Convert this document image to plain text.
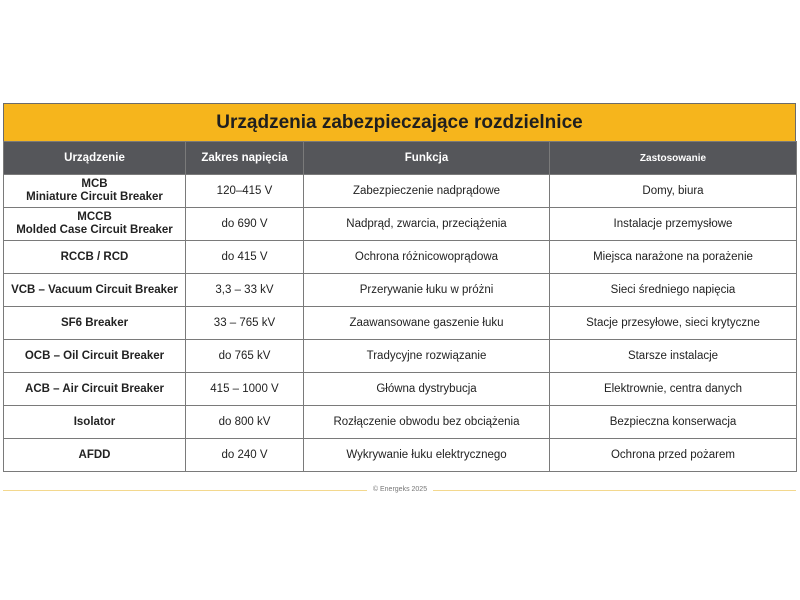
Urządzenia zabezpieczające rozdzielnice
Urządzenie	Zakres napięcia	Funkcja	Zastosowanie

MCB
Miniature Circuit Breaker	120–415 V	Zabezpieczenie nadprądowe	Domy, biura

MCCB
Molded Case Circuit Breaker	do 690 V	Nadprąd, zwarcia, przeciążenia	Instalacje przemysłowe
RCCB / RCD	do 415 V	Ochrona różnicowoprądowa	Miejsca narażone na porażenie
VCB – Vacuum Circuit Breaker	3,3 – 33 kV	Przerywanie łuku w próżni	Sieci średniego napięcia
SF6 Breaker	33 – 765 kV	Zaawansowane gaszenie łuku	Stacje przesyłowe, sieci krytyczne
OCB – Oil Circuit Breaker	do 765 kV	Tradycyjne rozwiązanie	Starsze instalacje
ACB – Air Circuit Breaker	415 – 1000 V	Główna dystrybucja	Elektrownie, centra danych
Isolator	do 800 kV	Rozłączenie obwodu bez obciążenia	Bezpieczna konserwacja
AFDD	do 240 V	Wykrywanie łuku elektrycznego	Ochrona przed pożarem
© Energeks 2025
